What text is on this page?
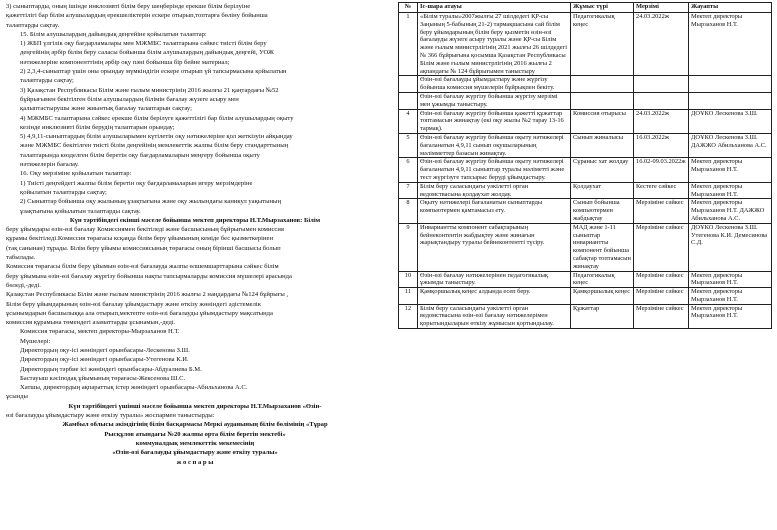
3) сыныптарды, оның ішінде инклозивті білім беру шеңберінде ерекше білім берілуіне

қажеттілігі бар білім алушылардың ерекшеліктерін ескере отырып,топтарға бөліну бойынша

талаптарды сақтау.

15. Білім алушылардың дайындық деңгейіне қойылатын талаптар:

1) ЖБП үлгілік оқу бағдарламалары мен МЖМБС талаптарына сәйкес тиісті білім беру

деңгейінің әрбір білім беру саласы бойынша білім алушылардың дайындық деңгейі, УОЖ

нәтижелеріне компоненттінің әрбір оқу пәні бойынша бір бейне материал;

2) 2,3,4-сыныптар үшін оны орындау мүмкіндігін ескере отырып үй тапсырмасына қойылатын

талаптарды сақтау;

3) Қазақстан Республикасы Білім және ғылым министрінің 2016 жылғы 21 қаңтардағы №52

бұйрығымен бекітілген білім алушылардың білімін бағалау жүзеге асыру мен

қалыптастырушы және жиынтық бағалау талаптарын сақтау;

4) МЖМБС талаптарына сәйкес ерекше білім берілуге қажеттілігі бар білім алушылардың оқыту

кезінде инклюзивті білім берудің талаптарын орындау;

5) 4,9,11-сыныптардың білім алушыларымен күтілетін оқу нәтижелеріне қол жеткізуін айқындау

және МЖМБС бекітілген тиісті білім деңгейінің мемлекеттік жалпы білім беру стандарттының

талаптарында көзделген білім беретін оқу бағдарламаларын меңгеру бойынша оқыту

нәтижелерін бағалау.

16. Оқу мерзіміне қойылатын талаптар:

1) Тиісті деңгейдегі жалпы білім беретін оқу бағдарламаларын игеру мерзімдеріне

қойылатын талаптарды сақтау;

2) Сыныптар бойынша оқу жылының ұзақтығына және оқу жылындағы каникул уақытының

ұзақтығына қойылатын талаптарды сақтау.

Күн тәртібіндегі екінші мәселе бойынша мектеп директоры Н.Т.Мырзаханов: Білім

беру ұйымдары өзін-өзі бағалау Комиссиямен бекітіледі және басшысының бұйрығымен комиссия

құрамы бекітіледі.Комиссия төрағасы ксқаңда білім беру ұйымының кеміде бес қызметкерінен

(тақ санынан) тұрады. Білім беру ұйымы комиссиясының төрағасы оның бірінші басшысы болып

табылады.

Комиссия төрағасы білім беру ұйымын өзін-өзі бағалауда жалпы өлшемшарттарына сәйкес білім

беру ұйымына өзін-өзі бағалау жүргізу бойынша нақты тапсырмаларды комиссия мүшелері арасында

бөледі,-деді.

Қазақстан Республикасы Білім және ғылым министрінің 2016 жылғы 2 наңдардағы №124 бұйрығы ,

Білім беру ұйымдарының өзін-өзі бағалау ұйымдастыру және өткізу жөніндегі әдістемелік

ұсынымдарын басшылыққа ала отырып,мектепте өзін-өзі бағалауды ұйымдастыру мақсатында

комиссия құрамына төмендегі азаматтарды ұсынамын,-деді.

Комиссия төрағасы, мектеп директоры-Мырзаханов Н.Т.

Мүшелері:

Директордың оқу-ісі жөніндегі орынбасары-Лескенова З.Ш.

Директордың оқу-ісі жөніндегі орынбасары-Утегенова К.И.

Директордың тәрбие ісі жөніндегі орынбасары-Абдуалиева Б.М.

Бастауыш кәсіподақ ұйымының төрағасы-Жексенова Ш.С.

Хатшы, директордың ақпараттық істер жөніндегі орынбасары-Абильханова А.С.

ұсынды

Күн тәртібіндегі үшінші мәселе бойынша мектеп директоры Н.Т.Мырзаханов «Өзін-

өзі бағалауды ұйымдастыру және өткізу туралы» жоспармен таныстырды:

Жамбыл облысы әкімдігінің білім басқармасы Меркі ауданының білім бөлімінің «Тұрар

Рысқұлов атындағы №20 жалпы орта білім беретін мектебі»

коммуналдық мемлекеттік мекемесінің

«Өзін-өзі бағалауды ұйымдастыру және өткізу туралы»

ж о с п а р ы

№	Іс-шара атауы	Жұмыс түрі	Мерзімі	Жауапты
1	«Білім туралы»2007жылғы 27 шілдедегі ҚР-сы Заңының 5-бабының 21-2) тармақшасына сай білім беру ұйымдарының білім беру қызметін өзін-өзі бағалауды жүзеге асыру туралы және ҚР-сы Білім және ғылым министрлігінің 2021 жылғы 26 шілдедегі № 366 бұйрығына қосымша Қазақстан Республикасы Білім және ғылым министрлігінің 2016 жылғы 2 ақпандағы № 124 бұйрығымен таныстыру	Педагогикалық кеңес	24.03.2022ж	Мектеп директоры Мырзаханов Н.Т.
	Өзін-өзі бағалауды ұйымдастыру және жүргізу бойынша комиссия мүшелерін бұйрықпен бекіту.			
	Өзін-өзі бағалау жүргізу бойынша жүргізу мерзімі мен ұжымды таныстыру.			
4	Өзін-өзі бағалау жүргізу бойынша қажетті құжаттар топтамасын жинақтау (екі оқу жылы №2 тарау 13-16 тармақ).	Комиссия отырысы	24.03.2022ж	ДОҰКО Лескенова З.Ш.
5	Өзін-өзі бағалау жүргізу бойынша оқыту нәтижелері бағаланатын 4,9,11 сынып оқушыларының мәлімметтер базасын жинақтау.	Сынып жиналысы	16.03.2022ж	ДОҰКО Лескенова З.Ш. ДАЖЖО Абильханова А.С.
6	Өзін-өзі бағалау жүргізу бойынша оқыту нәтижелері бағаланатын 4,9,11 сыныптар туралы мәліметті және тест жүргізуге тапсырыс беруді ұйымдастыру.	Сұраныс хат жолдау	16.02-09.03.2022ж	Мектеп директоры Мырзаханов Н.Т.
7	Білім беру саласындағы уәкілетті орган ведомствасына қолдаухат жолдау.	Қолдаухат	Кестеге сәйкес	Мектеп директоры Мырзаханов Н.Т.
8	Оқыту нәтижелері бағаланатын сыныптарды компьютермен қамтамасыз ету.	Сынып бойынша компьютермен жабдықтау	Мерзіміне сәйкес	Мектеп директоры Мырзаханов Н.Т. ДАЖЖО Абильханова А.С.
9	Инвариантты компонент сабақтарының бейнеконтентін жабдықтеу және жинағын жарықтандыру туралы бейнеконтентті түсіру.	МАД және 1-11 сыныптар инвариантты компонент бойынша сабақтар топтамасын жинақтау	Мерзіміне сәйкес	ДОҰКО Лескенова З.Ш. Утегенова К.И. Демесинова С.Д.
10	Өзін-өзі бағалау нәтижелерінен педагогикалық ұжымды таныстыру.	Педагогикалық кеңес	Мерзіміне сәйкес	Мектеп директоры Мырзаханов Н.Т.
11	Қамқоршылық кеңес алдында есеп беру.	Қамқоршылық кеңес	Мерзіміне сәйкес	Мектеп директоры Мырзаханов Н.Т.
12	Білім беру саласындағы уәкілетті орган ведомствасына өзін-өзі бағалау нәтижелерімен қорытындыларын өткізу жұмысын қортындылау.	Құжаттар	Мерзіміне сәйкес	Мектеп директоры Мырзаханов Н.Т.
